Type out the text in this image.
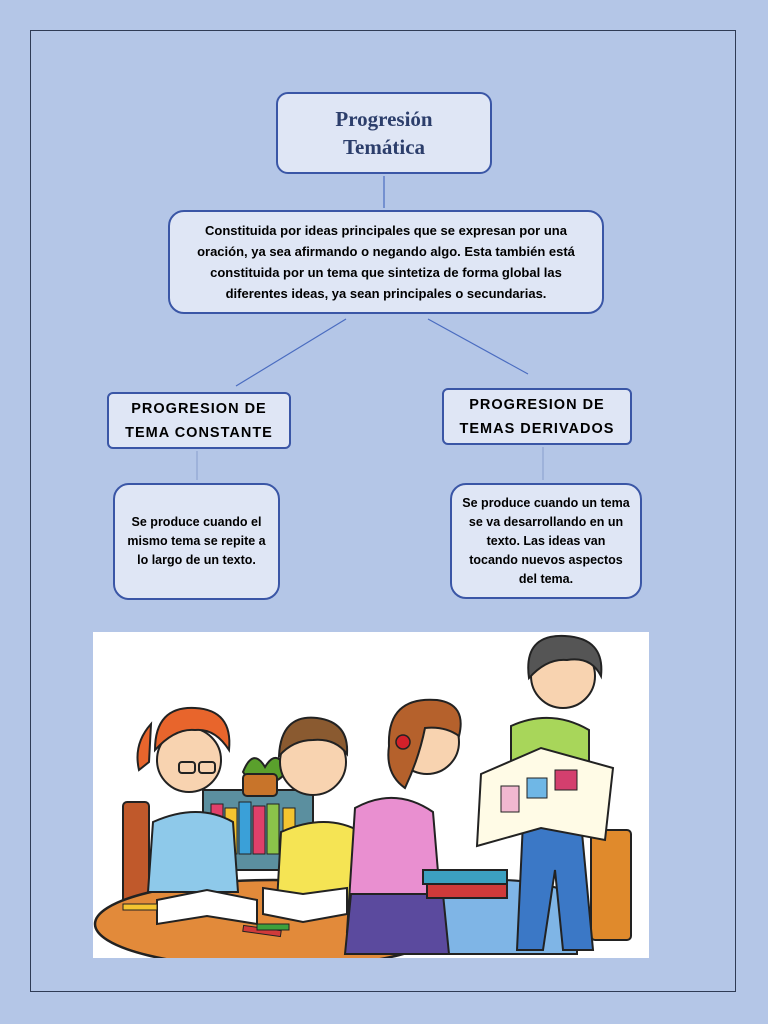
Progresión
Temática
Constituida por ideas principales que se expresan por una oración, ya sea afirmando o negando algo. Esta también está constituida por un tema que sintetiza de forma global las diferentes ideas, ya sean principales o secundarias.
PROGRESION DE
TEMA CONSTANTE
PROGRESION DE
TEMAS DERIVADOS
Se produce cuando el mismo tema se repite a lo largo de un texto.
Se produce cuando un tema se va desarrollando en un texto. Las ideas van tocando nuevos aspectos del tema.
